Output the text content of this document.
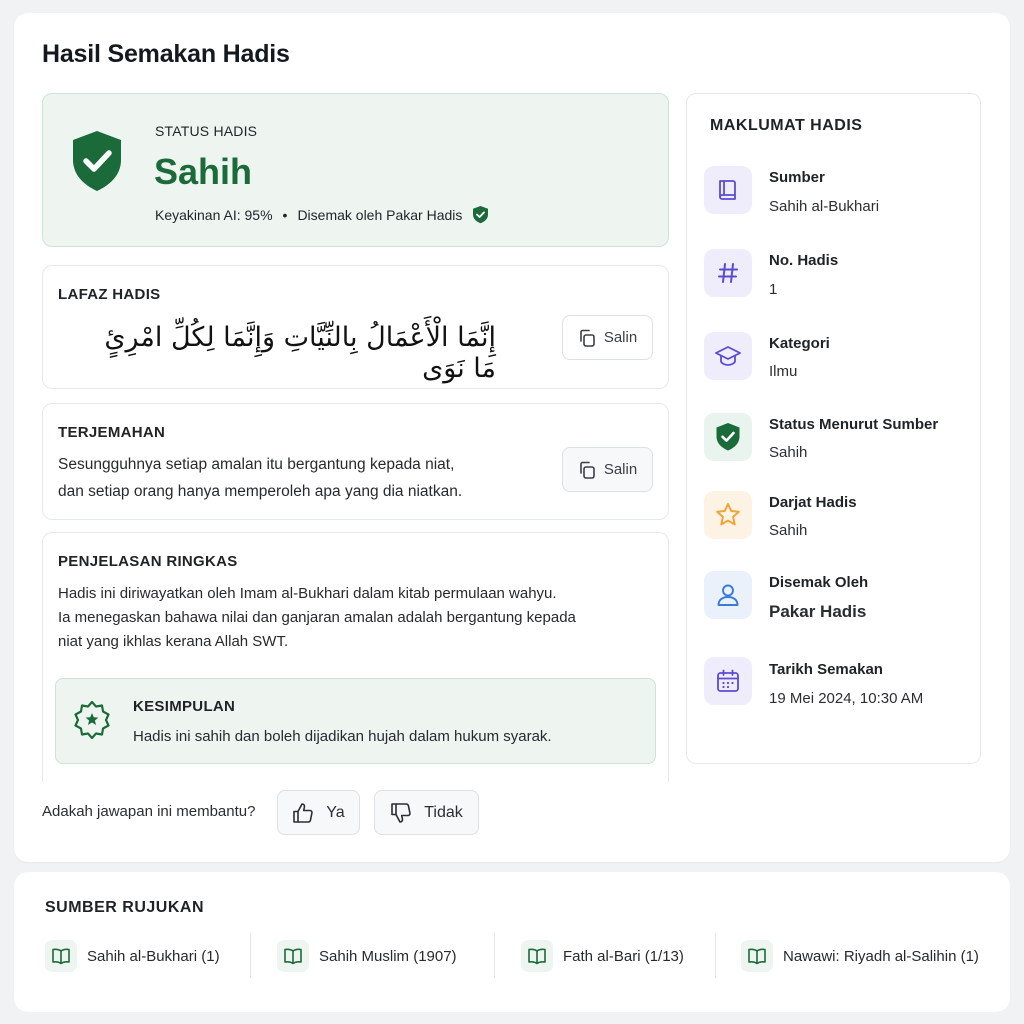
Hasil Semakan Hadis
STATUS HADIS
Sahih
Keyakinan AI: 95% • Disemak oleh Pakar Hadis
LAFAZ HADIS
إِنَّمَا الْأَعْمَالُ بِالنِّيَّاتِ وَإِنَّمَا لِكُلِّ امْرِئٍ مَا نَوَى
Salin
TERJEMAHAN
Sesungguhnya setiap amalan itu bergantung kepada niat,
dan setiap orang hanya memperoleh apa yang dia niatkan.
Salin
PENJELASAN RINGKAS
Hadis ini diriwayatkan oleh Imam al-Bukhari dalam kitab permulaan wahyu.
Ia menegaskan bahawa nilai dan ganjaran amalan adalah bergantung kepada
niat yang ikhlas kerana Allah SWT.
KESIMPULAN
Hadis ini sahih dan boleh dijadikan hujah dalam hukum syarak.
Adakah jawapan ini membantu?	Ya	Tidak
MAKLUMAT HADIS
Sumber
Sahih al-Bukhari
No. Hadis
1
Kategori
Ilmu
Status Menurut Sumber
Sahih
Darjat Hadis
Sahih
Disemak Oleh
Pakar Hadis
Tarikh Semakan
19 Mei 2024, 10:30 AM
SUMBER RUJUKAN
Sahih al-Bukhari (1)	Sahih Muslim (1907)	Fath al-Bari (1/13)	Nawawi: Riyadh al-Salihin (1)
